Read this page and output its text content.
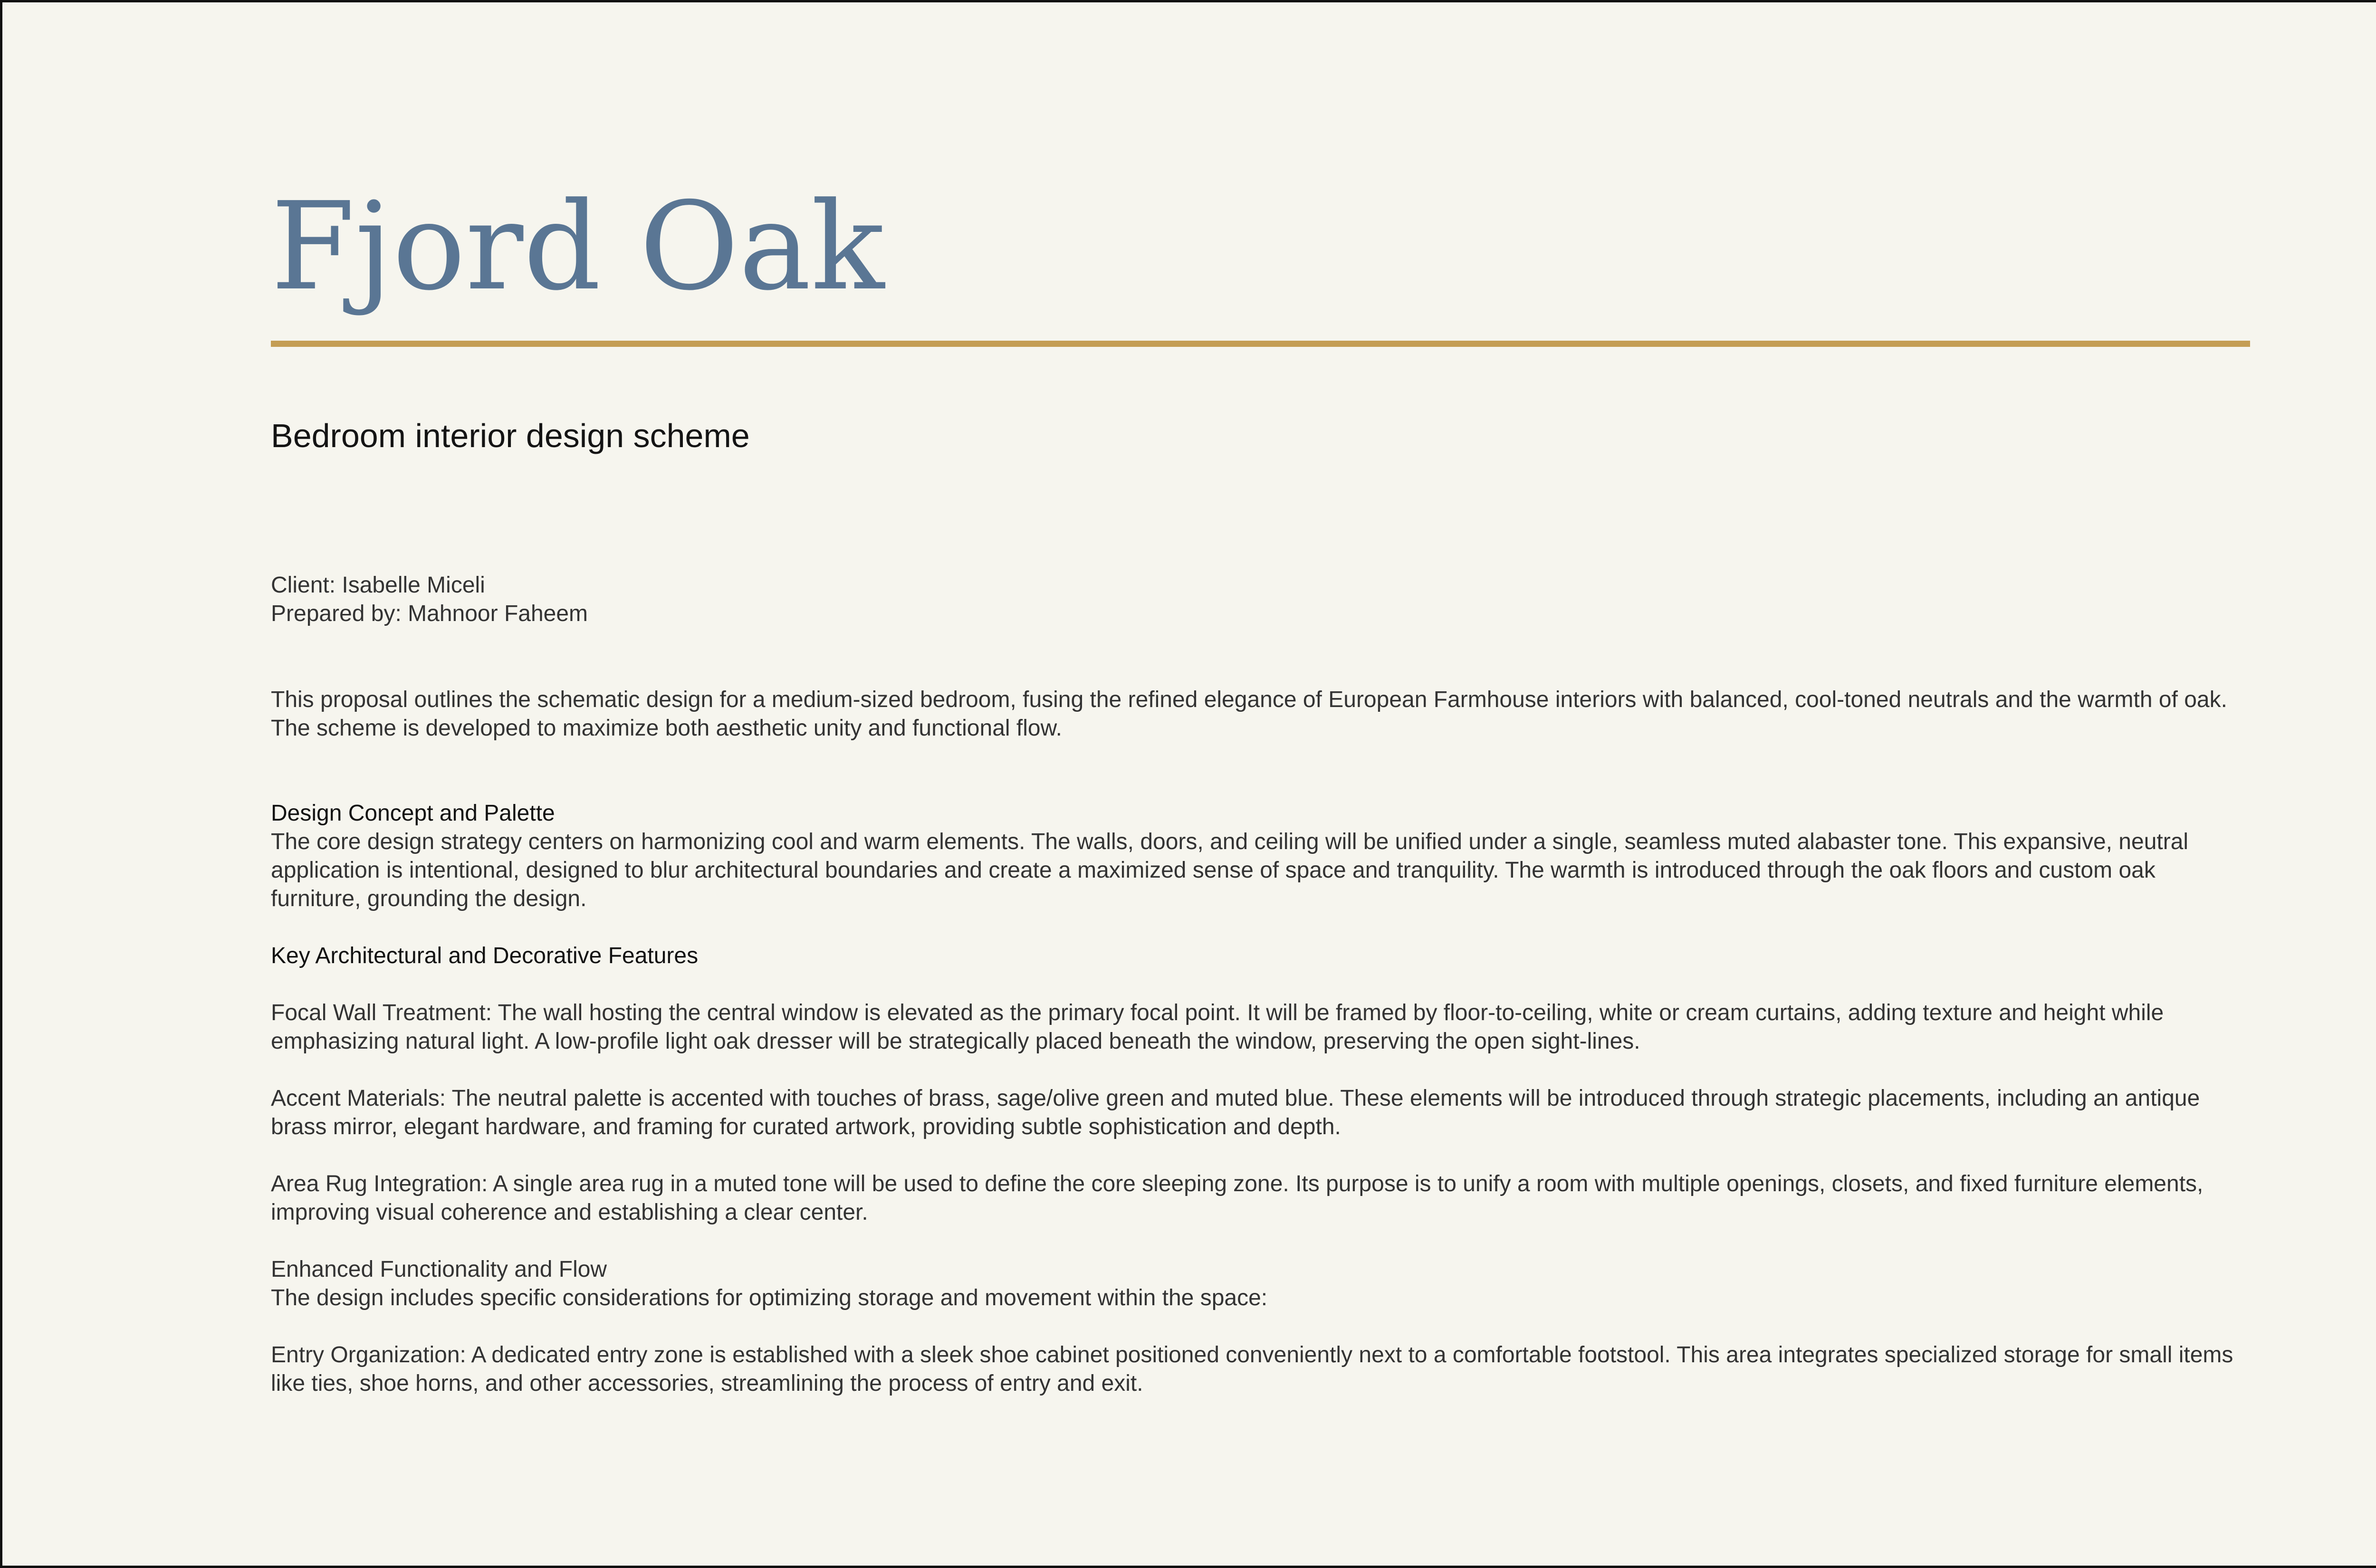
Fjord Oak
Bedroom interior design scheme

Client: Isabelle Miceli
Prepared by: Mahnoor Faheem

This proposal outlines the schematic design for a medium-sized bedroom, fusing the refined elegance of European Farmhouse interiors with balanced, cool-toned neutrals and the warmth of oak. The scheme is developed to maximize both aesthetic unity and functional flow.

Design Concept and Palette

The core design strategy centers on harmonizing cool and warm elements. The walls, doors, and ceiling will be unified under a single, seamless muted alabaster tone. This expansive, neutral application is intentional, designed to blur architectural boundaries and create a maximized sense of space and tranquility. The warmth is introduced through the oak floors and custom oak furniture, grounding the design.

Key Architectural and Decorative Features

Focal Wall Treatment: The wall hosting the central window is elevated as the primary focal point. It will be framed by floor-to-ceiling, white or cream curtains, adding texture and height while emphasizing natural light. A low-profile light oak dresser will be strategically placed beneath the window, preserving the open sight-lines.

Accent Materials: The neutral palette is accented with touches of brass, sage/olive green and muted blue. These elements will be introduced through strategic placements, including an antique brass mirror, elegant hardware, and framing for curated artwork, providing subtle sophistication and depth.

Area Rug Integration: A single area rug in a muted tone will be used to define the core sleeping zone. Its purpose is to unify a room with multiple openings, closets, and fixed furniture elements, improving visual coherence and establishing a clear center.

Enhanced Functionality and Flow

The design includes specific considerations for optimizing storage and movement within the space:

Entry Organization: A dedicated entry zone is established with a sleek shoe cabinet positioned conveniently next to a comfortable footstool. This area integrates specialized storage for small items like ties, shoe horns, and other accessories, streamlining the process of entry and exit.
